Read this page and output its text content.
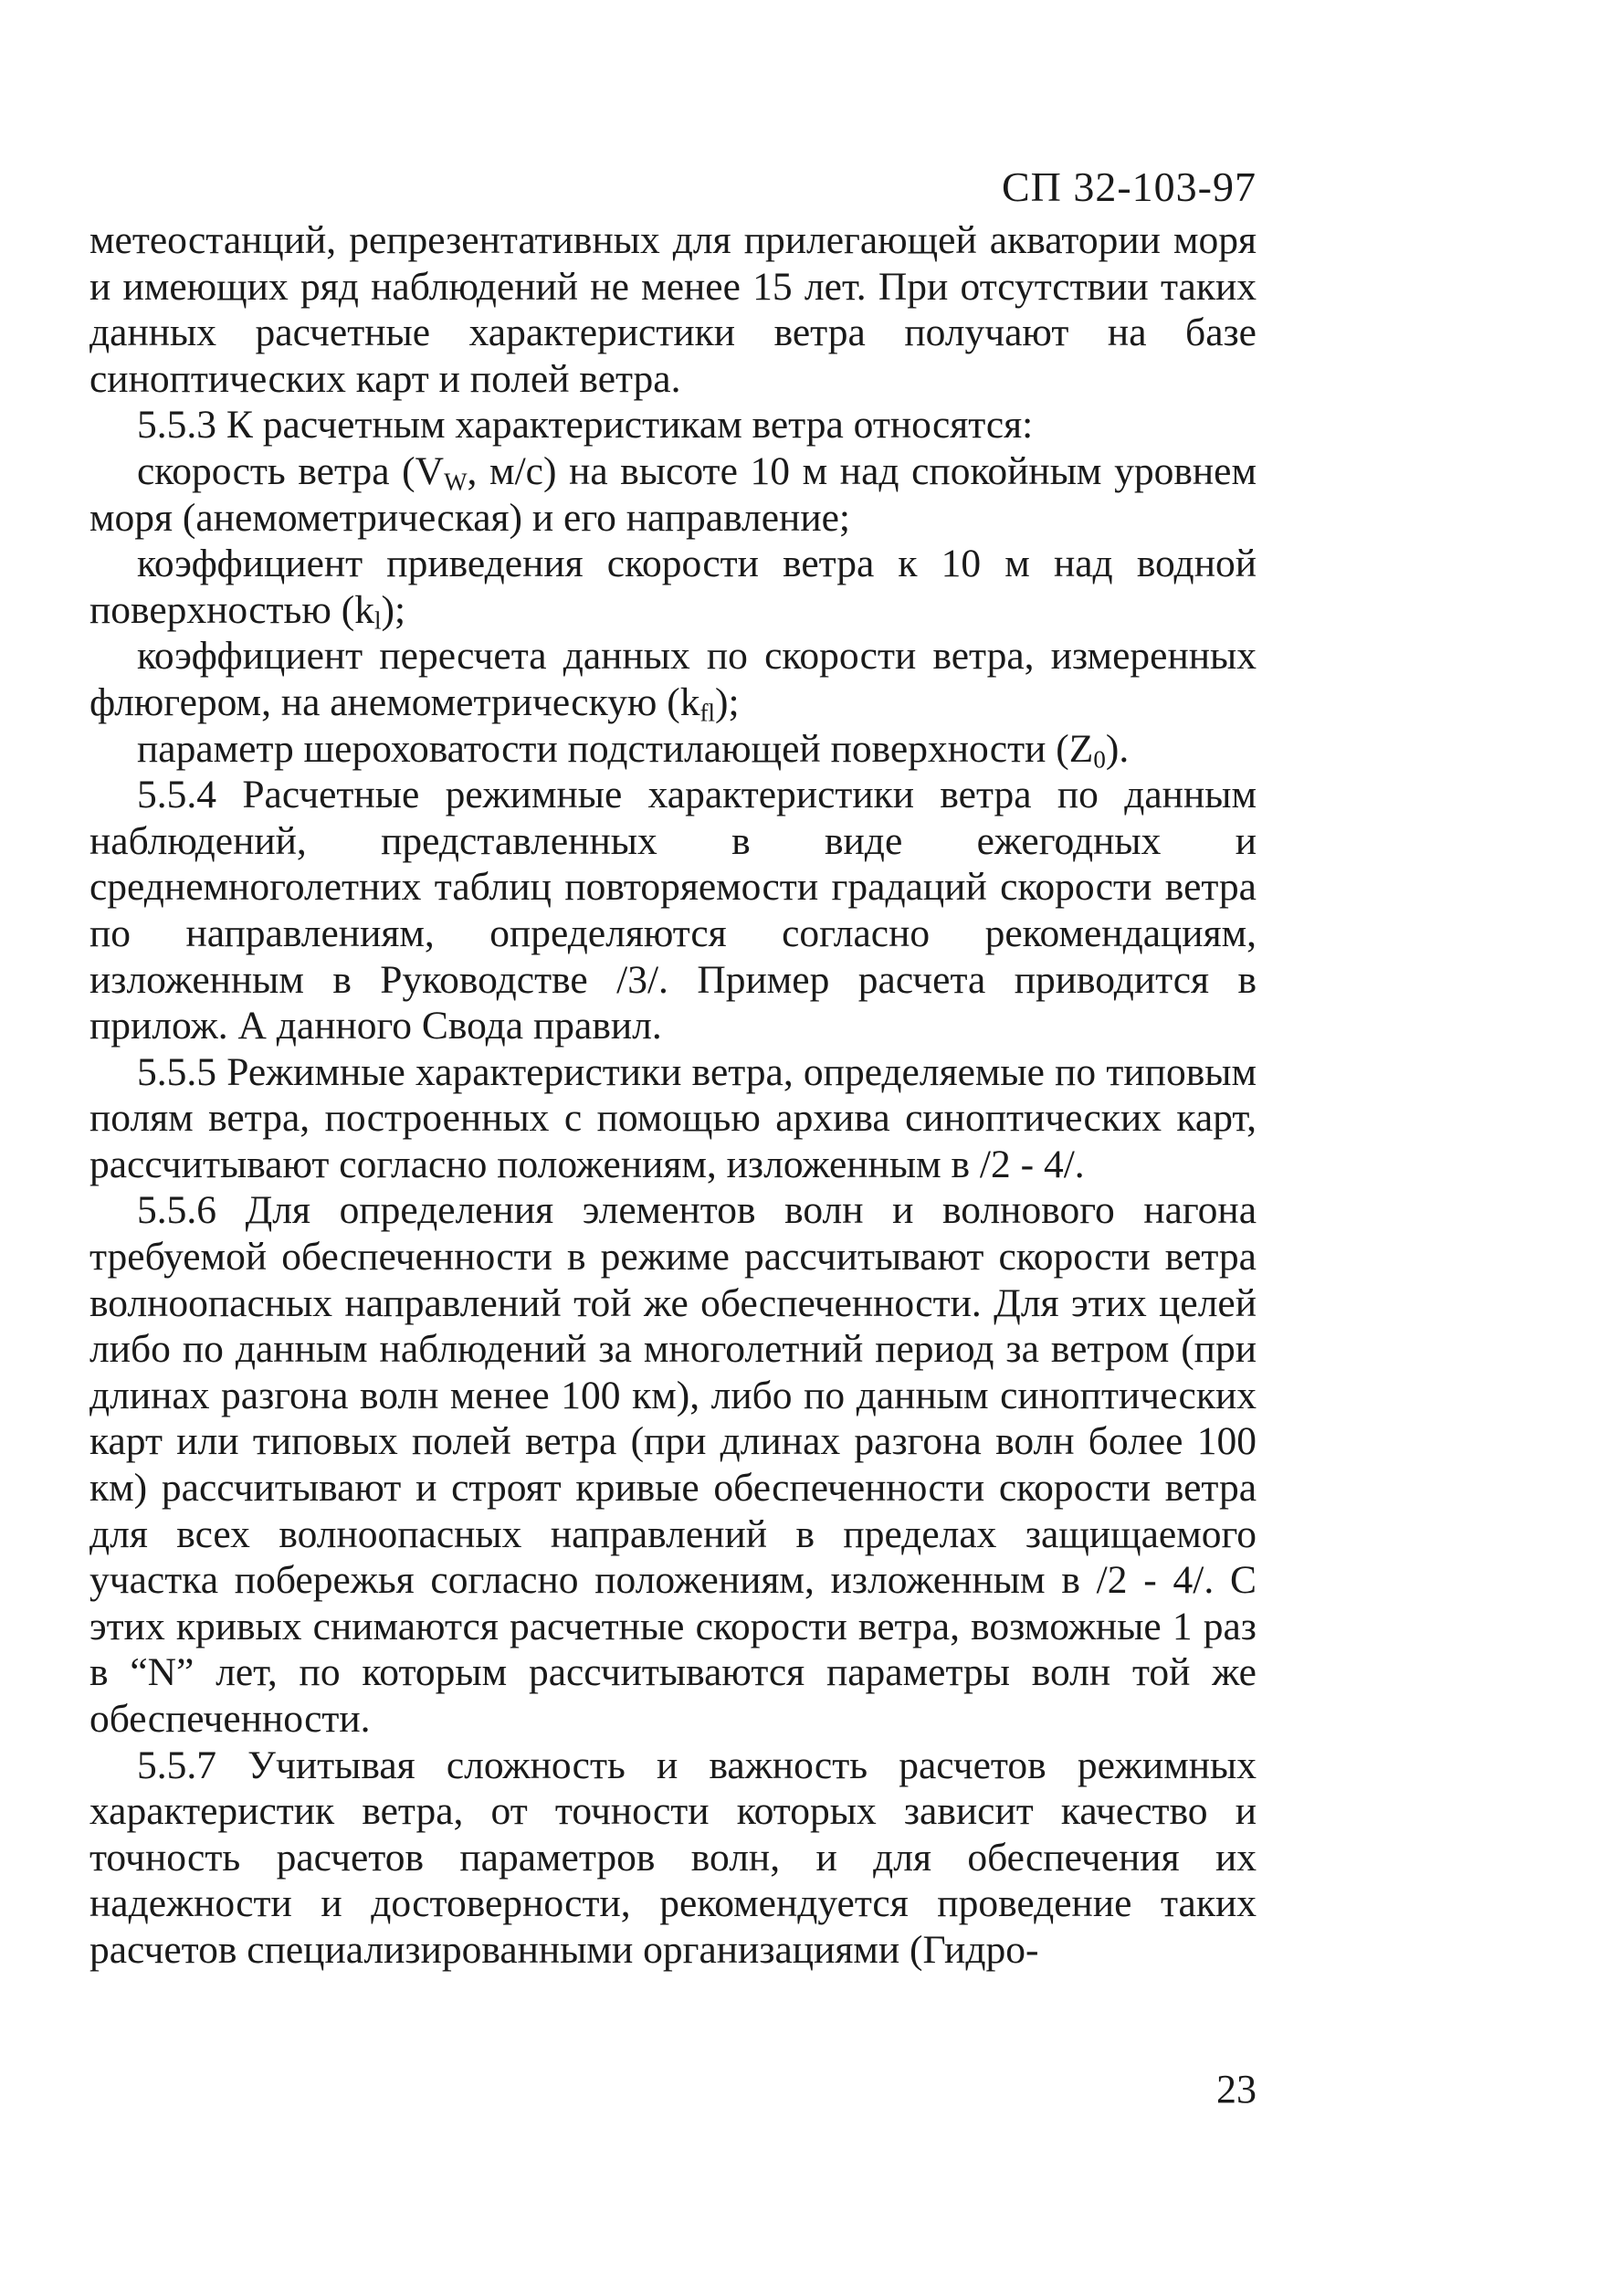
СП 32-103-97

метеостанций, репрезентативных для прилегающей акватории моря и имеющих ряд наблюдений не менее 15 лет. При отсутствии таких данных расчетные характеристики ветра получают на базе синоптических карт и полей ветра.

5.5.3 К расчетным характеристикам ветра относятся:

скорость ветра ($V_W$, м/с) на высоте 10 м над спокойным уровнем моря (анемометрическая) и его направление;

коэффициент приведения скорости ветра к 10 м над водной поверхностью $(k_l)$;

коэффициент пересчета данных по скорости ветра, измеренных флюгером, на анемометрическую $(k_{fl})$;

параметр шероховатости подстилающей поверхности $(Z_0)$.

5.5.4 Расчетные режимные характеристики ветра по данным наблюдений, представленных в виде ежегодных и среднемноголетних таблиц повторяемости градаций скорости ветра по направлениям, определяются согласно рекомендациям, изложенным в Руководстве /3/. Пример расчета приводится в прилож. А данного Свода правил.

5.5.5 Режимные характеристики ветра, определяемые по типовым полям ветра, построенных с помощью архива синоптических карт, рассчитывают согласно положениям, изложенным в /2 - 4/.

5.5.6 Для определения элементов волн и волнового нагона требуемой обеспеченности в режиме рассчитывают скорости ветра волноопасных направлений той же обеспеченности. Для этих целей либо по данным наблюдений за многолетний период за ветром (при длинах разгона волн менее 100 км), либо по данным синоптических карт или типовых полей ветра (при длинах разгона волн более 100 км) рассчитывают и строят кривые обеспеченности скорости ветра для всех волноопасных направлений в пределах защищаемого участка побережья согласно положениям, изложенным в /2 - 4/. С этих кривых снимаются расчетные скорости ветра, возможные 1 раз в “N” лет, по которым рассчитываются параметры волн той же обеспеченности.

5.5.7 Учитывая сложность и важность расчетов режимных характеристик ветра, от точности которых зависит качество и точность расчетов параметров волн, и для обеспечения их надежности и достоверности, рекомендуется проведение таких расчетов специализированными организациями (Гидро-

23
